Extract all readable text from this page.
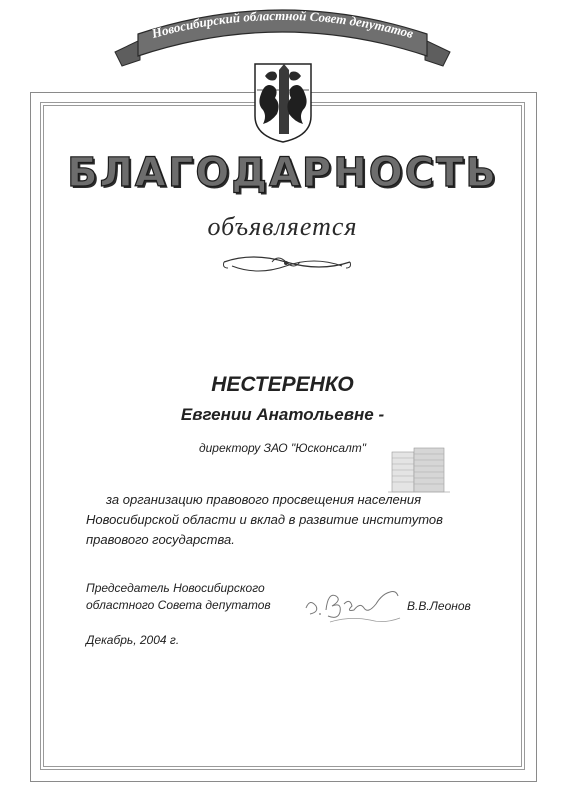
Новосибирский областной Совет депутатов
БЛАГОДАРНОСТЬ
объявляется
НЕСТЕРЕНКО
Евгении Анатольевне -
директору ЗАО "Юсконсалт"

за организацию правового просвещения населения
Новосибирской области и вклад в развитие институтов
правового государства.

Председатель Новосибирского
областного Совета депутатов	В.В.Леонов
Декабрь, 2004 г.
